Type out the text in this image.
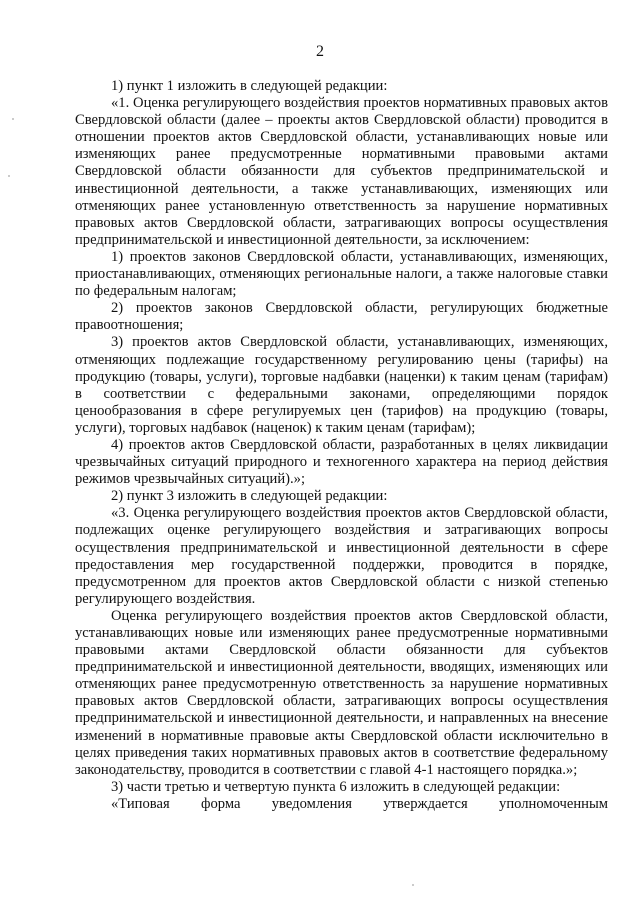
2

1) пункт 1 изложить в следующей редакции:

«1. Оценка регулирующего воздействия проектов нормативных правовых актов Свердловской области (далее – проекты актов Свердловской области) проводится в отношении проектов актов Свердловской области, устанавливающих новые или изменяющих ранее предусмотренные нормативными правовыми актами Свердловской области обязанности для субъектов предпринимательской и инвестиционной деятельности, а также устанавливающих, изменяющих или отменяющих ранее установленную ответственность за нарушение нормативных правовых актов Свердловской области, затрагивающих вопросы осуществления предпринимательской и инвестиционной деятельности, за исключением:

1) проектов законов Свердловской области, устанавливающих, изменяющих, приостанавливающих, отменяющих региональные налоги, а также налоговые ставки по федеральным налогам;

2) проектов законов Свердловской области, регулирующих бюджетные правоотношения;

3) проектов актов Свердловской области, устанавливающих, изменяющих, отменяющих подлежащие государственному регулированию цены (тарифы) на продукцию (товары, услуги), торговые надбавки (наценки) к таким ценам (тарифам) в соответствии с федеральными законами, определяющими порядок ценообразования в сфере регулируемых цен (тарифов) на продукцию (товары, услуги), торговых надбавок (наценок) к таким ценам (тарифам);

4) проектов актов Свердловской области, разработанных в целях ликвидации чрезвычайных ситуаций природного и техногенного характера на период действия режимов чрезвычайных ситуаций).»;

2) пункт 3 изложить в следующей редакции:

«3. Оценка регулирующего воздействия проектов актов Свердловской области, подлежащих оценке регулирующего воздействия и затрагивающих вопросы осуществления предпринимательской и инвестиционной деятельности в сфере предоставления мер государственной поддержки, проводится в порядке, предусмотренном для проектов актов Свердловской области с низкой степенью регулирующего воздействия.

Оценка регулирующего воздействия проектов актов Свердловской области, устанавливающих новые или изменяющих ранее предусмотренные нормативными правовыми актами Свердловской области обязанности для субъектов предпринимательской и инвестиционной деятельности, вводящих, изменяющих или отменяющих ранее предусмотренную ответственность за нарушение нормативных правовых актов Свердловской области, затрагивающих вопросы осуществления предпринимательской и инвестиционной деятельности, и направленных на внесение изменений в нормативные правовые акты Свердловской области исключительно в целях приведения таких нормативных правовых актов в соответствие федеральному законодательству, проводится в соответствии с главой 4-1 настоящего порядка.»;

3) части третью и четвертую пункта 6 изложить в следующей редакции:

«Типовая форма уведомления утверждается уполномоченным
